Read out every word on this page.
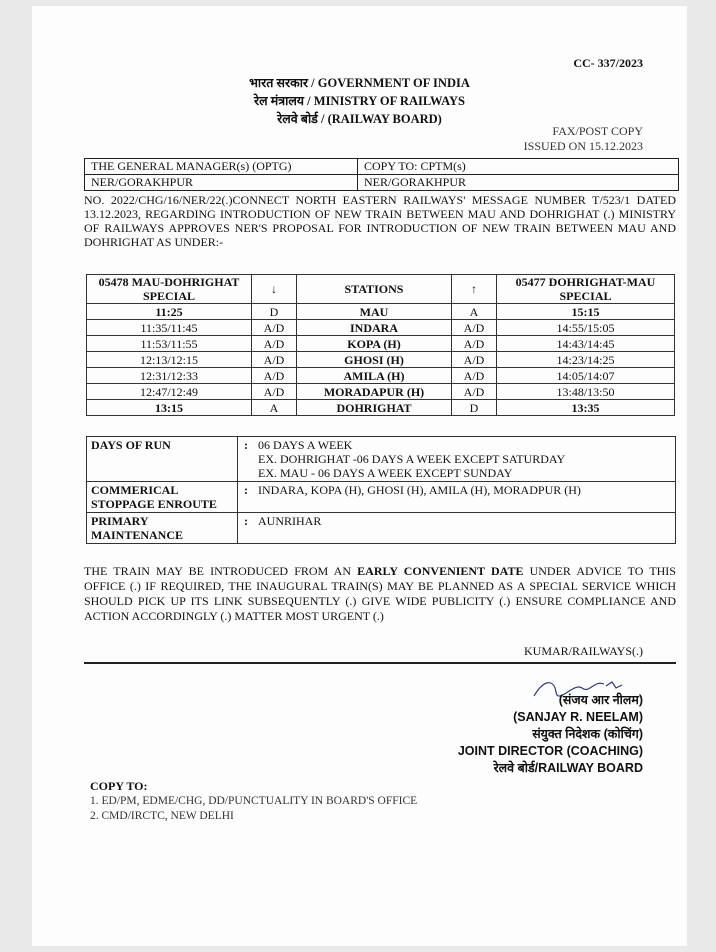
CC- 337/2023
भारत सरकार / GOVERNMENT OF INDIA
रेल मंत्रालय / MINISTRY OF RAILWAYS
रेलवे बोर्ड / (RAILWAY BOARD)
FAX/POST COPY
ISSUED ON 15.12.2023
THE GENERAL MANAGER(s) (OPTG)	COPY TO: CPTM(s)
NER/GORAKHPUR	NER/GORAKHPUR
NO. 2022/CHG/16/NER/22(.)CONNECT NORTH EASTERN RAILWAYS' MESSAGE NUMBER T/523/1 DATED 13.12.2023, REGARDING INTRODUCTION OF NEW TRAIN BETWEEN MAU AND DOHRIGHAT (.) MINISTRY OF RAILWAYS APPROVES NER'S PROPOSAL FOR INTRODUCTION OF NEW TRAIN BETWEEN MAU AND DOHRIGHAT AS UNDER:-
05478 MAU-DOHRIGHAT SPECIAL	↓	STATIONS	↑	05477 DOHRIGHAT-MAU SPECIAL
11:25	D	MAU	A	15:15
11:35/11:45	A/D	INDARA	A/D	14:55/15:05
11:53/11:55	A/D	KOPA (H)	A/D	14:43/14:45
12:13/12:15	A/D	GHOSI (H)	A/D	14:23/14:25
12:31/12:33	A/D	AMILA (H)	A/D	14:05/14:07
12:47/12:49	A/D	MORADAPUR (H)	A/D	13:48/13:50
13:15	A	DOHRIGHAT	D	13:35
DAYS OF RUN	:	06 DAYS A WEEK
EX. DOHRIGHAT -06 DAYS A WEEK EXCEPT SATURDAY
EX. MAU - 06 DAYS A WEEK EXCEPT SUNDAY

COMMERICAL STOPPAGE ENROUTE	:	INDARA, KOPA (H), GHOSI (H), AMILA (H), MORADPUR (H)
PRIMARY MAINTENANCE	:	AUNRIHAR
THE TRAIN MAY BE INTRODUCED FROM AN EARLY CONVENIENT DATE UNDER ADVICE TO THIS OFFICE (.) IF REQUIRED, THE INAUGURAL TRAIN(S) MAY BE PLANNED AS A SPECIAL SERVICE WHICH SHOULD PICK UP ITS LINK SUBSEQUENTLY (.) GIVE WIDE PUBLICITY (.) ENSURE COMPLIANCE AND ACTION ACCORDINGLY (.) MATTER MOST URGENT (.)
KUMAR/RAILWAYS(.)
(संजय आर नीलम)
(SANJAY R. NEELAM)
संयुक्त निदेशक (कोचिंग)
JOINT DIRECTOR (COACHING)
रेलवे बोर्ड/RAILWAY BOARD
COPY TO:
1. ED/PM, EDME/CHG, DD/PUNCTUALITY IN BOARD'S OFFICE
2. CMD/IRCTC, NEW DELHI
